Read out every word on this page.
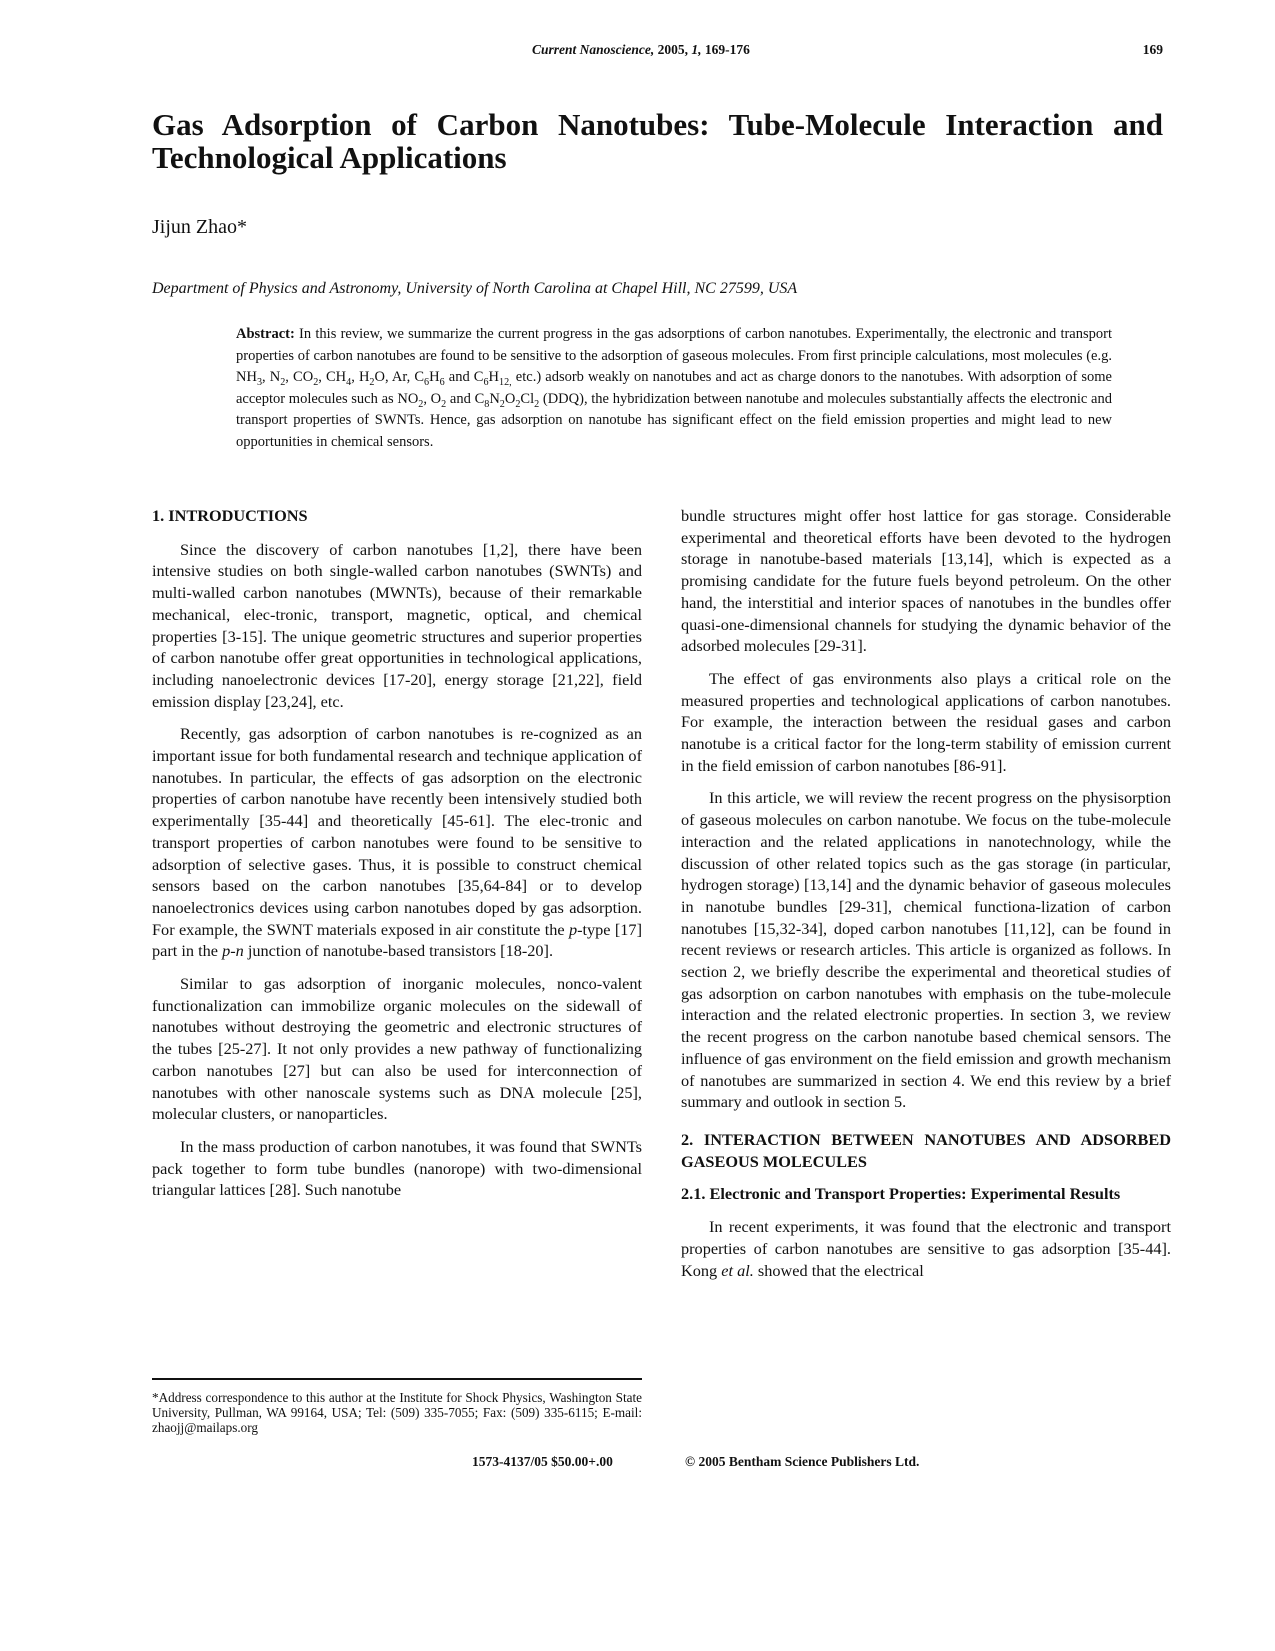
Current Nanoscience, 2005, 1, 169-176	169
Gas Adsorption of Carbon Nanotubes: Tube-Molecule Interaction and Technological Applications
Jijun Zhao*
Department of Physics and Astronomy, University of North Carolina at Chapel Hill, NC 27599, USA

Abstract: In this review, we summarize the current progress in the gas adsorptions of carbon nanotubes. Experimentally, the electronic and transport properties of carbon nanotubes are found to be sensitive to the adsorption of gaseous molecules. From first principle calculations, most molecules (e.g. $NH_3$, $N_2$, $CO_2$, $CH_4$, $H_2O$, Ar, $C_6H_6$ and $C_6H_{12,}$ etc.) adsorb weakly on nanotubes and act as charge donors to the nanotubes. With adsorption of some acceptor molecules such as $NO_2$, $O_2$ and $C_8N_2O_2Cl_2$ (DDQ), the hybridization between nanotube and molecules substantially affects the electronic and transport properties of SWNTs. Hence, gas adsorption on nanotube has significant effect on the field emission properties and might lead to new opportunities in chemical sensors.

1. INTRODUCTIONS

Since the discovery of carbon nanotubes [1,2], there have been intensive studies on both single-walled carbon nanotubes (SWNTs) and multi-walled carbon nanotubes (MWNTs), because of their remarkable mechanical, elec-tronic, transport, magnetic, optical, and chemical properties [3-15]. The unique geometric structures and superior properties of carbon nanotube offer great opportunities in technological applications, including nanoelectronic devices [17-20], energy storage [21,22], field emission display [23,24], etc.

Recently, gas adsorption of carbon nanotubes is re-cognized as an important issue for both fundamental research and technique application of nanotubes. In particular, the effects of gas adsorption on the electronic properties of carbon nanotube have recently been intensively studied both experimentally [35-44] and theoretically [45-61]. The elec-tronic and transport properties of carbon nanotubes were found to be sensitive to adsorption of selective gases. Thus, it is possible to construct chemical sensors based on the carbon nanotubes [35,64-84] or to develop nanoelectronics devices using carbon nanotubes doped by gas adsorption. For example, the SWNT materials exposed in air constitute the p-type [17] part in the p-n junction of nanotube-based transistors [18-20].

Similar to gas adsorption of inorganic molecules, nonco-valent functionalization can immobilize organic molecules on the sidewall of nanotubes without destroying the geometric and electronic structures of the tubes [25-27]. It not only provides a new pathway of functionalizing carbon nanotubes [27] but can also be used for interconnection of nanotubes with other nanoscale systems such as DNA molecule [25], molecular clusters, or nanoparticles.

In the mass production of carbon nanotubes, it was found that SWNTs pack together to form tube bundles (nanorope) with two-dimensional triangular lattices [28]. Such nanotube

bundle structures might offer host lattice for gas storage. Considerable experimental and theoretical efforts have been devoted to the hydrogen storage in nanotube-based materials [13,14], which is expected as a promising candidate for the future fuels beyond petroleum. On the other hand, the interstitial and interior spaces of nanotubes in the bundles offer quasi-one-dimensional channels for studying the dynamic behavior of the adsorbed molecules [29-31].

The effect of gas environments also plays a critical role on the measured properties and technological applications of carbon nanotubes. For example, the interaction between the residual gases and carbon nanotube is a critical factor for the long-term stability of emission current in the field emission of carbon nanotubes [86-91].

In this article, we will review the recent progress on the physisorption of gaseous molecules on carbon nanotube. We focus on the tube-molecule interaction and the related applications in nanotechnology, while the discussion of other related topics such as the gas storage (in particular, hydrogen storage) [13,14] and the dynamic behavior of gaseous molecules in nanotube bundles [29-31], chemical functiona-lization of carbon nanotubes [15,32-34], doped carbon nanotubes [11,12], can be found in recent reviews or research articles. This article is organized as follows. In section 2, we briefly describe the experimental and theoretical studies of gas adsorption on carbon nanotubes with emphasis on the tube-molecule interaction and the related electronic properties. In section 3, we review the recent progress on the carbon nanotube based chemical sensors. The influence of gas environment on the field emission and growth mechanism of nanotubes are summarized in section 4. We end this review by a brief summary and outlook in section 5.

2. INTERACTION BETWEEN NANOTUBES AND ADSORBED GASEOUS MOLECULES
2.1. Electronic and Transport Properties: Experimental Results

In recent experiments, it was found that the electronic and transport properties of carbon nanotubes are sensitive to gas adsorption [35-44]. Kong et al. showed that the electrical

*Address correspondence to this author at the Institute for Shock Physics, Washington State University, Pullman, WA 99164, USA; Tel: (509) 335-7055; Fax: (509) 335-6115; E-mail: zhaojj@mailaps.org
1573-4137/05 $50.00+.00	© 2005 Bentham Science Publishers Ltd.
